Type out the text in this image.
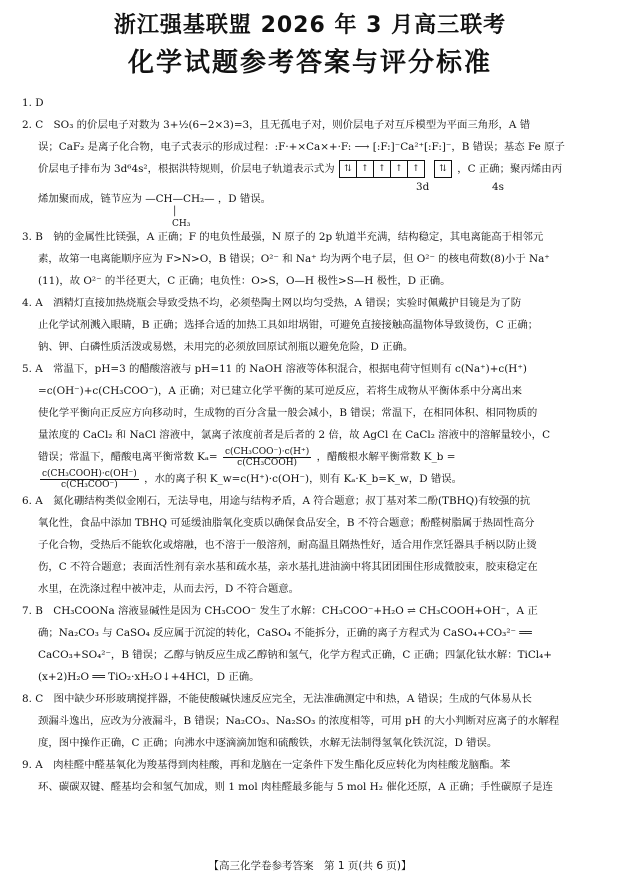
浙江强基联盟 2026 年 3 月高三联考
化学试题参考答案与评分标准

1. D

2. C　SO₃ 的价层电子对数为 3+½(6−2×3)=3，且无孤电子对，则价层电子对互斥模型为平面三角形，A 错

误；CaF₂ 是离子化合物，电子式表示的形成过程：:F·+×Ca×+·F: ⟶ [:F:]⁻Ca²⁺[:F:]⁻，B 错误；基态 Fe 原子

价层电子排布为 3d⁶4s²，根据洪特规则，价层电子轨道表示式为	⇅	↑	↑	↑	↑	⇅	，C 正确；聚丙烯由丙
3d	4s

烯加聚而成，链节应为 —CH—CH₂— ，D 错误。
│
CH₃

3. B　钠的金属性比镁强，A 正确；F 的电负性最强，N 原子的 2p 轨道半充满，结构稳定，其电离能高于相邻元

素，故第一电离能顺序应为 F>N>O，B 错误；O²⁻ 和 Na⁺ 均为两个电子层，但 O²⁻ 的核电荷数(8)小于 Na⁺

(11)，故 O²⁻ 的半径更大，C 正确；电负性：O>S，O—H 极性>S—H 极性，D 正确。

4. A　酒精灯直接加热烧瓶会导致受热不均，必须垫陶土网以均匀受热，A 错误；实验时佩戴护目镜是为了防

止化学试剂溅入眼睛，B 正确；选择合适的加热工具如坩埚钳，可避免直接接触高温物体导致烫伤，C 正确；

钠、钾、白磷性质活泼或易燃，未用完的必须放回原试剂瓶以避免危险，D 正确。

5. A　常温下，pH=3 的醋酸溶液与 pH=11 的 NaOH 溶液等体积混合，根据电荷守恒则有 c(Na⁺)+c(H⁺)

=c(OH⁻)+c(CH₃COO⁻)，A 正确；对已建立化学平衡的某可逆反应，若将生成物从平衡体系中分离出来

使化学平衡向正反应方向移动时，生成物的百分含量一般会减小，B 错误；常温下，在相同体积、相同物质的

量浓度的 CaCl₂ 和 NaCl 溶液中，氯离子浓度前者是后者的 2 倍，故 AgCl 在 CaCl₂ 溶液中的溶解量较小，C

错误；常温下，醋酸电离平衡常数 $K_a= \frac{\text{c(CH₃COO⁻)·c(H⁺)}}{\text{c(CH₃COOH)}}$ ，醋酸根水解平衡常数 K_b =

$\frac{\text{c(CH₃COOH)·c(OH⁻)}}{\text{c(CH₃COO⁻)}}$ ，水的离子积 K_w=c(H⁺)·c(OH⁻)，则有 Kₐ·K_b=K_w，D 错误。

6. A　氮化硼结构类似金刚石，无法导电，用途与结构矛盾，A 符合题意；叔丁基对苯二酚(TBHQ)有较强的抗

氧化性，食品中添加 TBHQ 可延缓油脂氧化变质以确保食品安全，B 不符合题意；酚醛树脂属于热固性高分

子化合物，受热后不能软化或熔融，也不溶于一般溶剂，耐高温且隔热性好，适合用作烹饪器具手柄以防止烫

伤，C 不符合题意；表面活性剂有亲水基和疏水基，亲水基扎进油滴中将其团团围住形成微胶束，胶束稳定在

水里，在洗涤过程中被冲走，从而去污，D 不符合题意。

7. B　CH₃COONa 溶液显碱性是因为 CH₃COO⁻ 发生了水解：CH₃COO⁻+H₂O ⇌ CH₃COOH+OH⁻，A 正

确；Na₂CO₃ 与 CaSO₄ 反应属于沉淀的转化，CaSO₄ 不能拆分，正确的离子方程式为 CaSO₄+CO₃²⁻ ══

CaCO₃+SO₄²⁻，B 错误；乙醇与钠反应生成乙醇钠和氢气，化学方程式正确，C 正确；四氯化钛水解：TiCl₄+

(x+2)H₂O ══ TiO₂·xH₂O↓+4HCl，D 正确。

8. C　图中缺少环形玻璃搅拌器，不能使酸碱快速反应完全，无法准确测定中和热，A 错误；生成的气体易从长

颈漏斗逸出，应改为分液漏斗，B 错误；Na₂CO₃、Na₂SO₃ 的浓度相等，可用 pH 的大小判断对应离子的水解程

度，图中操作正确，C 正确；向沸水中逐滴滴加饱和硫酸铁，水解无法制得氢氧化铁沉淀，D 错误。

9. A　肉桂醛中醛基氧化为羧基得到肉桂酸，再和龙脑在一定条件下发生酯化反应转化为肉桂酸龙脑酯。苯

环、碳碳双键、醛基均会和氢气加成，则 1 mol 肉桂醛最多能与 5 mol H₂ 催化还原，A 正确；手性碳原子是连

【高三化学卷参考答案　第 1 页(共 6 页)】
